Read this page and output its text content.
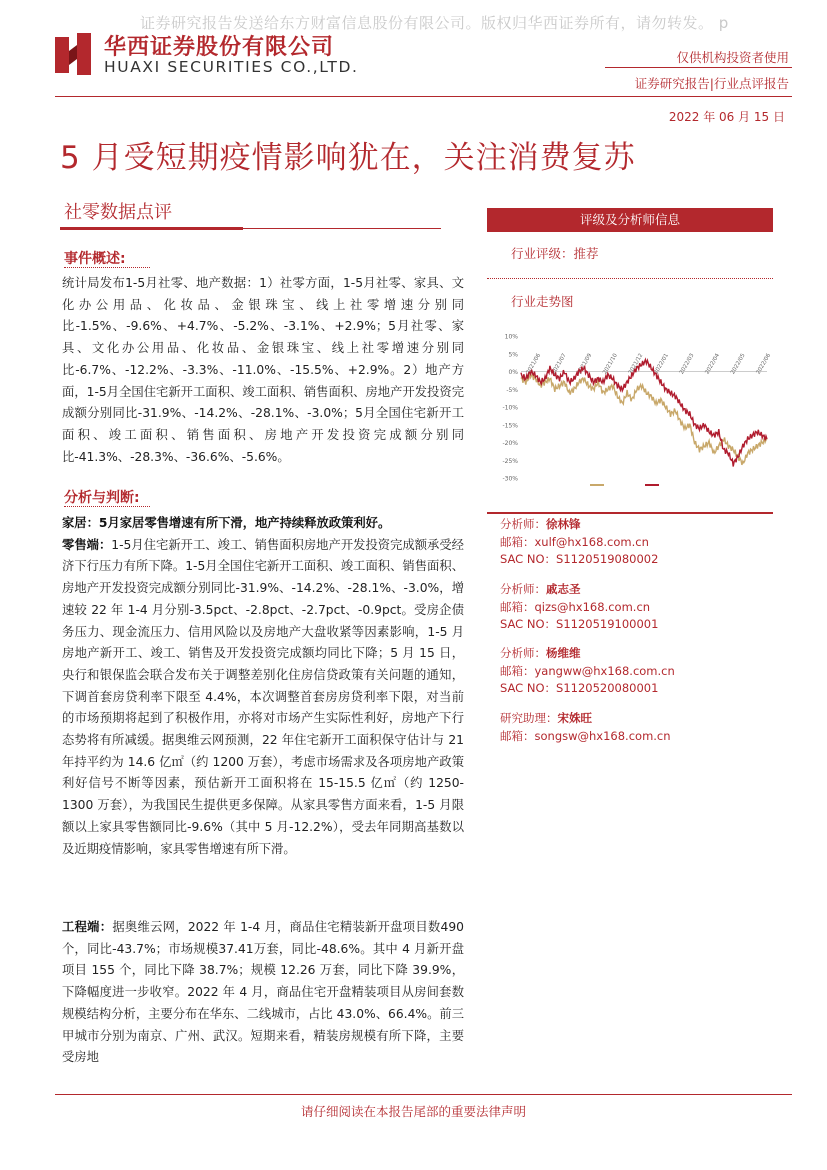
证券研究报告发送给东方财富信息股份有限公司。版权归华西证券所有，请勿转发。 p
华西证券股份有限公司
HUAXI SECURITIES CO.,LTD.
仅供机构投资者使用
证券研究报告|行业点评报告
2022 年 06 月 15 日
5 月受短期疫情影响犹在，关注消费复苏
社零数据点评
事件概述:

统计局发布1-5月社零、地产数据：1）社零方面，1-5月社零、家具、文化办公用品、化妆品、金银珠宝、线上社零增速分别同比-1.5%、-9.6%、+4.7%、-5.2%、-3.1%、+2.9%；5月社零、家具、文化办公用品、化妆品、金银珠宝、线上社零增速分别同比-6.7%、-12.2%、-3.3%、-11.0%、-15.5%、+2.9%。2）地产方面，1-5月全国住宅新开工面积、竣工面积、销售面积、房地产开发投资完成额分别同比-31.9%、-14.2%、-28.1%、-3.0%；5月全国住宅新开工面积、竣工面积、销售面积、房地产开发投资完成额分别同比-41.3%、-28.3%、-36.6%、-5.6%。

分析与判断:

家居：5月家居零售增速有所下滑，地产持续释放政策利好。
零售端：1-5月住宅新开工、竣工、销售面积房地产开发投资完成额承受经济下行压力有所下降。1-5月全国住宅新开工面积、竣工面积、销售面积、房地产开发投资完成额分别同比-31.9%、-14.2%、-28.1%、-3.0%，增速较 22 年 1-4 月分别-3.5pct、-2.8pct、-2.7pct、-0.9pct。受房企债务压力、现金流压力、信用风险以及房地产大盘收紧等因素影响，1-5 月房地产新开工、竣工、销售及开发投资完成额均同比下降；5 月 15 日，央行和银保监会联合发布关于调整差别化住房信贷政策有关问题的通知，下调首套房贷利率下限至 4.4%，本次调整首套房房贷利率下限，对当前的市场预期将起到了积极作用，亦将对市场产生实际性利好，房地产下行态势将有所减缓。据奥维云网预测，22 年住宅新开工面积保守估计与 21 年持平约为 14.6 亿㎡（约 1200 万套），考虑市场需求及各项房地产政策利好信号不断等因素，预估新开工面积将在 15-15.5 亿㎡（约 1250-1300 万套），为我国民生提供更多保障。从家具零售方面来看，1-5 月限额以上家具零售额同比-9.6%（其中 5 月-12.2%），受去年同期高基数以及近期疫情影响，家具零售增速有所下滑。

工程端：据奥维云网，2022 年 1-4 月，商品住宅精装新开盘项目数490个，同比-43.7%；市场规模37.41万套，同比-48.6%。其中 4 月新开盘项目 155 个，同比下降 38.7%；规模 12.26 万套，同比下降 39.9%，下降幅度进一步收窄。2022 年 4 月，商品住宅开盘精装项目从房间套数规模结构分析，主要分布在华东、二线城市，占比 43.0%、66.4%。前三甲城市分别为南京、广州、武汉。短期来看，精装房规模有所下降，主要受房地

评级及分析师信息
行业评级：推荐
行业走势图
10%
5%
0%
-5%
-10%
-15%
-20%
-25%
-30%
2021/06 2021/07 2021/09 2021/10 2021/12 2022/01 2022/03 2022/04 2022/05 2022/06
分析师：徐林锋
邮箱：xulf@hx168.com.cn
SAC NO：S1120519080002
分析师：戚志圣
邮箱：qizs@hx168.com.cn
SAC NO：S1120519100001
分析师：杨维维
邮箱：yangww@hx168.com.cn
SAC NO：S1120520080001
研究助理：宋姝旺
邮箱：songsw@hx168.com.cn
请仔细阅读在本报告尾部的重要法律声明
